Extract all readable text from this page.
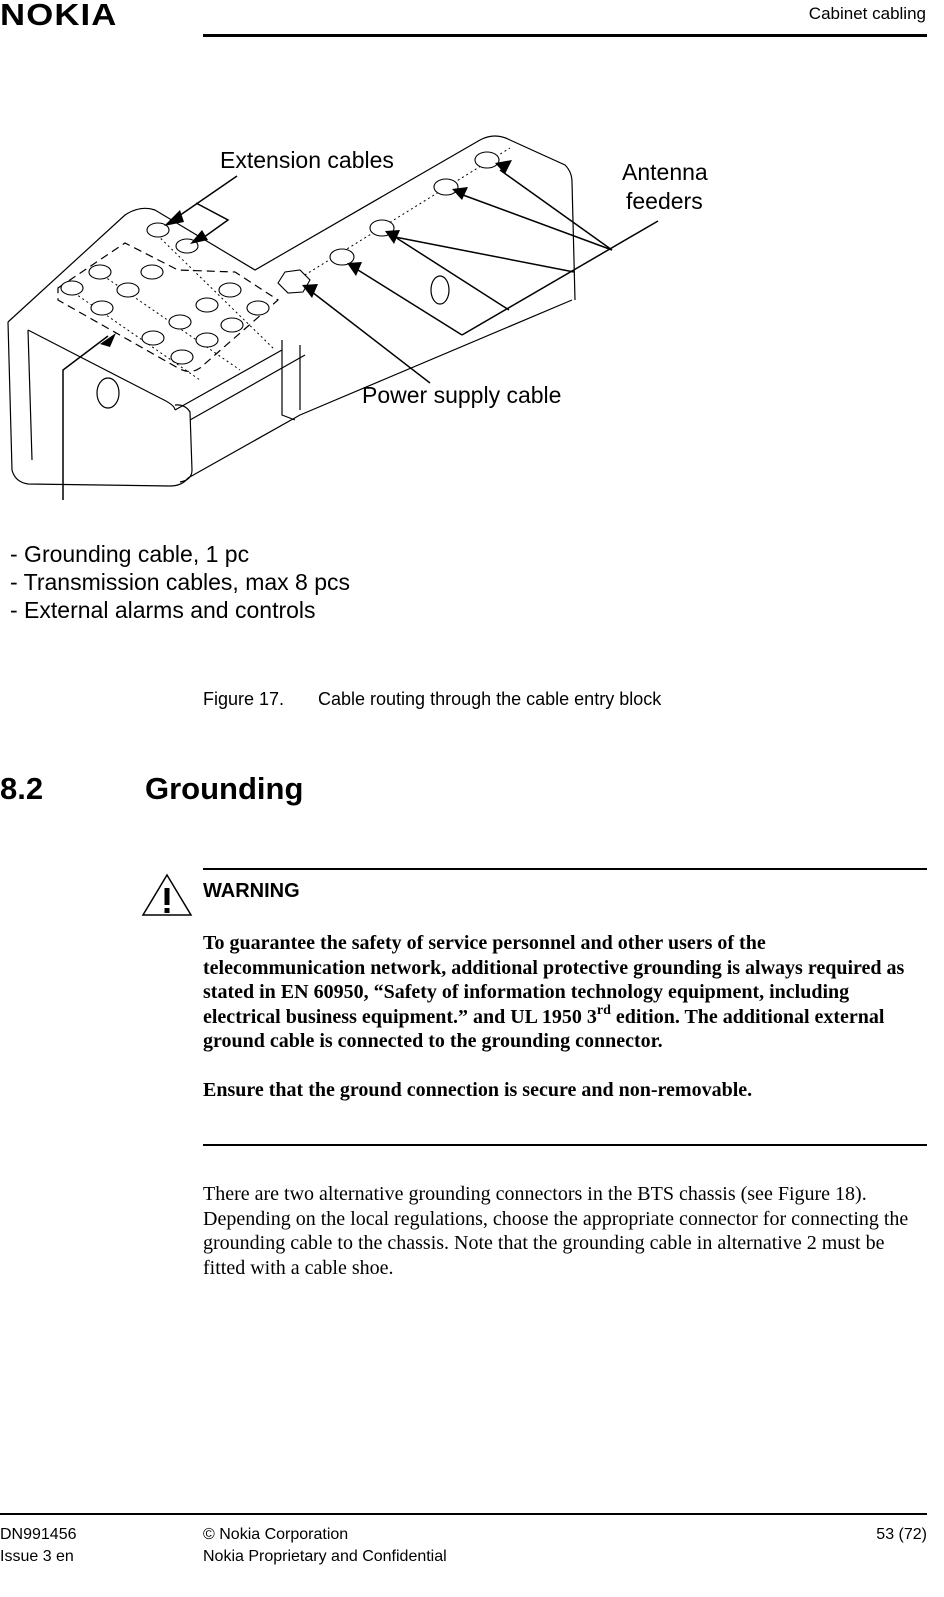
NOKIA	Cabinet cabling
Extension cables	Antenna
feeders
Power supply cable
- Grounding cable, 1 pc
- Transmission cables, max 8 pcs
- External alarms and controls
Figure 17. Cable routing through the cable entry block
8.2	Grounding
WARNING

To guarantee the safety of service personnel and other users of the telecommunication network, additional protective grounding is always required as stated in EN 60950, “Safety of information technology equipment, including electrical business equipment.” and UL 1950 3rd edition. The additional external ground cable is connected to the grounding connector.

Ensure that the ground connection is secure and non-removable.

There are two alternative grounding connectors in the BTS chassis (see Figure 18). Depending on the local regulations, choose the appropriate connector for connecting the grounding cable to the chassis. Note that the grounding cable in alternative 2 must be fitted with a cable shoe.
DN991456
Issue 3 en
© Nokia Corporation
Nokia Proprietary and Confidential
53 (72)
